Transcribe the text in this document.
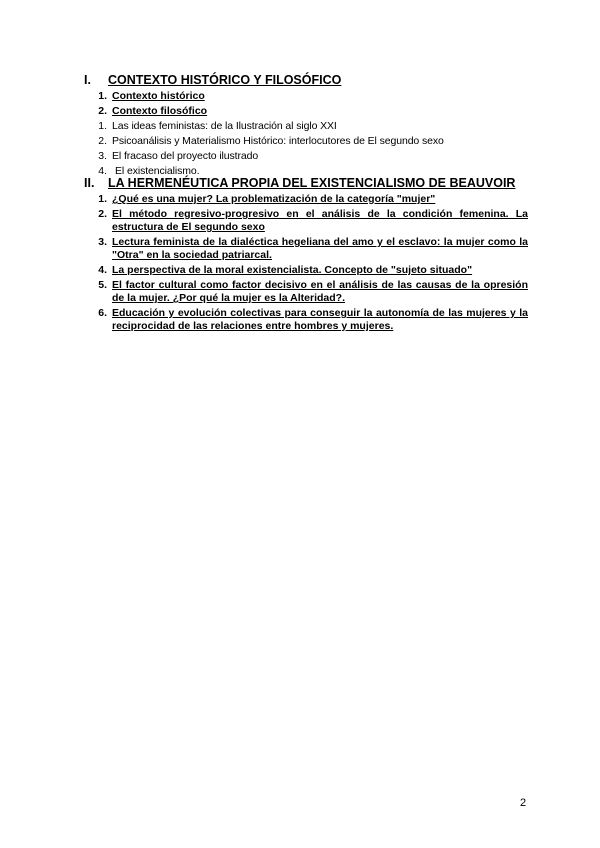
I.	CONTEXTO HISTÓRICO Y FILOSÓFICO
1. Contexto histórico
2. Contexto filosófico
1. Las ideas feministas: de la Ilustración al siglo XXI
2. Psicoanálisis y Materialismo Histórico: interlocutores de El segundo sexo
3. El fracaso del proyecto ilustrado
4. El existencialismo.
II.	LA HERMENÉUTICA PROPIA DEL EXISTENCIALISMO DE BEAUVOIR
1. ¿Qué es una mujer? La problematización de la categoría "mujer"
2. El método regresivo-progresivo en el análisis de la condición femenina. La estructura de El segundo sexo
3. Lectura feminista de la dialéctica hegeliana del amo y el esclavo: la mujer como la "Otra" en la sociedad patriarcal.
4. La perspectiva de la moral existencialista. Concepto de "sujeto situado"
5. El factor cultural como factor decisivo en el análisis de las causas de la opresión de la mujer. ¿Por qué la mujer es la Alteridad?.
6. Educación y evolución colectivas para conseguir la autonomía de las mujeres y la reciprocidad de las relaciones entre hombres y mujeres.
2
